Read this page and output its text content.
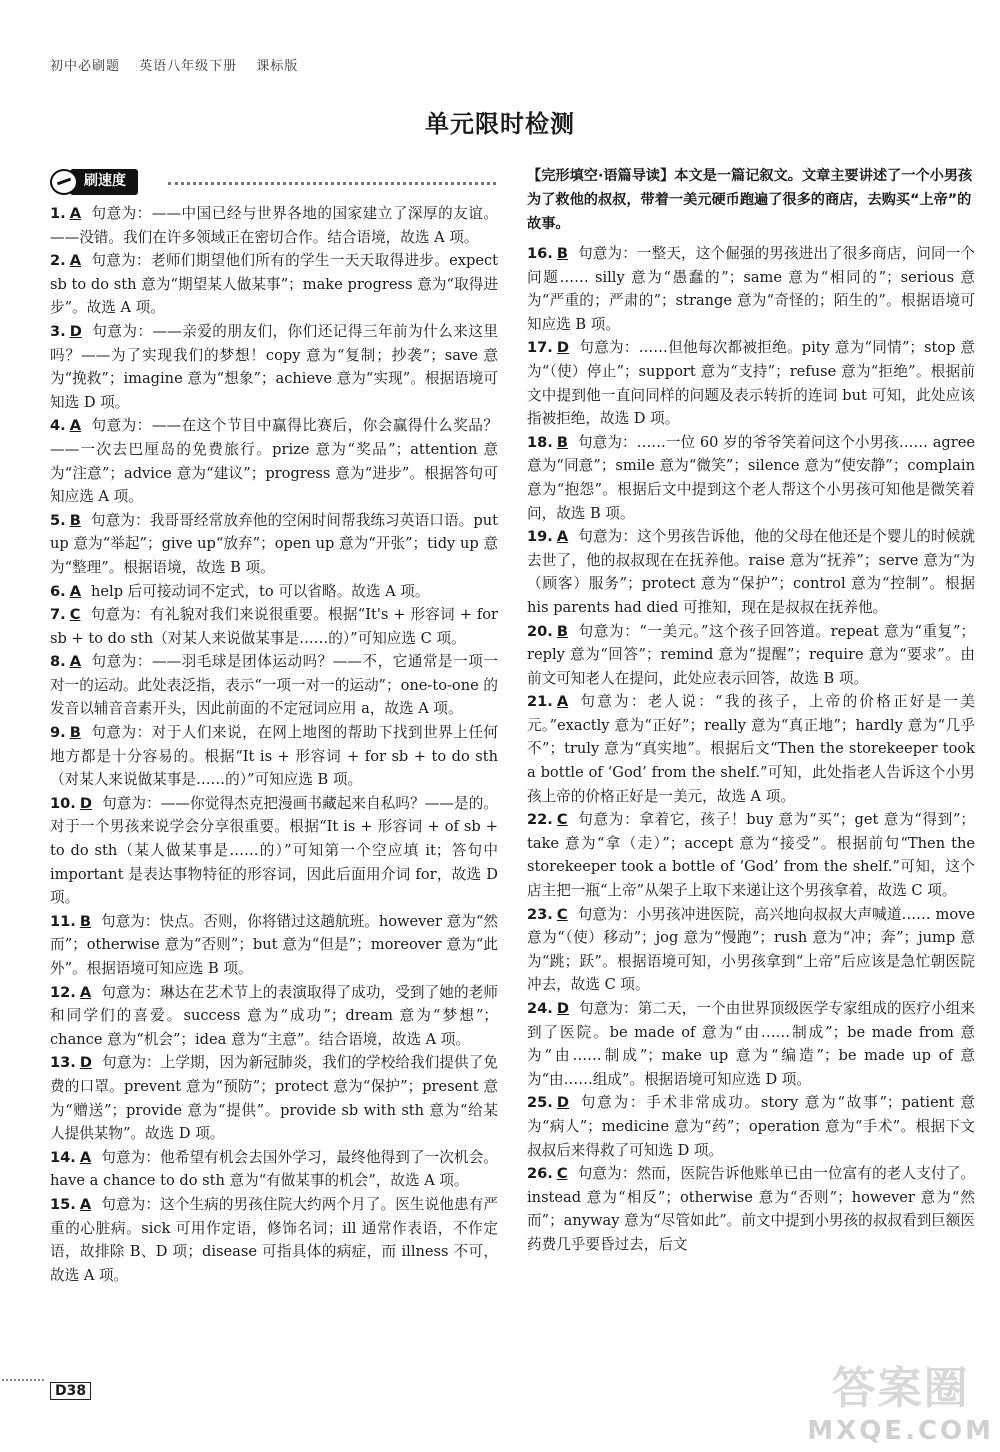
初中必刷题 英语八年级下册 课标版
单元限时检测
刷速度
1. A 句意为：——中国已经与世界各地的国家建立了深厚的友谊。——没错。我们在许多领域正在密切合作。结合语境，故选 A 项。
2. A 句意为：老师们期望他们所有的学生一天天取得进步。expect sb to do sth 意为“期望某人做某事”；make progress 意为“取得进步”。故选 A 项。
3. D 句意为：——亲爱的朋友们，你们还记得三年前为什么来这里吗？——为了实现我们的梦想！copy 意为“复制；抄袭”；save 意为“挽救”；imagine 意为“想象”；achieve 意为“实现”。根据语境可知选 D 项。
4. A 句意为：——在这个节目中赢得比赛后，你会赢得什么奖品？——一次去巴厘岛的免费旅行。prize 意为“奖品”；attention 意为“注意”；advice 意为“建议”；progress 意为“进步”。根据答句可知应选 A 项。
5. B 句意为：我哥哥经常放弃他的空闲时间帮我练习英语口语。put up 意为“举起”；give up“放弃”；open up 意为“开张”；tidy up 意为“整理”。根据语境，故选 B 项。
6. A help 后可接动词不定式，to 可以省略。故选 A 项。
7. C 句意为：有礼貌对我们来说很重要。根据“It's + 形容词 + for sb + to do sth（对某人来说做某事是……的）”可知应选 C 项。
8. A 句意为：——羽毛球是团体运动吗？——不，它通常是一项一对一的运动。此处表泛指，表示“一项一对一的运动”；one-to-one 的发音以辅音音素开头，因此前面的不定冠词应用 a，故选 A 项。
9. B 句意为：对于人们来说，在网上地图的帮助下找到世界上任何地方都是十分容易的。根据“It is + 形容词 + for sb + to do sth（对某人来说做某事是……的）”可知应选 B 项。
10. D 句意为：——你觉得杰克把漫画书藏起来自私吗？——是的。对于一个男孩来说学会分享很重要。根据“It is + 形容词 + of sb + to do sth（某人做某事是……的）”可知第一个空应填 it；答句中 important 是表达事物特征的形容词，因此后面用介词 for，故选 D 项。
11. B 句意为：快点。否则，你将错过这趟航班。however 意为“然而”；otherwise 意为“否则”；but 意为“但是”；moreover 意为“此外”。根据语境可知应选 B 项。
12. A 句意为：琳达在艺术节上的表演取得了成功，受到了她的老师和同学们的喜爱。success 意为“成功”；dream 意为“梦想”；chance 意为“机会”；idea 意为“主意”。结合语境，故选 A 项。
13. D 句意为：上学期，因为新冠肺炎，我们的学校给我们提供了免费的口罩。prevent 意为“预防”；protect 意为“保护”；present 意为“赠送”；provide 意为“提供”。provide sb with sth 意为“给某人提供某物”。故选 D 项。
14. A 句意为：他希望有机会去国外学习，最终他得到了一次机会。have a chance to do sth 意为“有做某事的机会”，故选 A 项。
15. A 句意为：这个生病的男孩住院大约两个月了。医生说他患有严重的心脏病。sick 可用作定语，修饰名词；ill 通常作表语，不作定语，故排除 B、D 项；disease 可指具体的病症，而 illness 不可，故选 A 项。
【完形填空·语篇导读】本文是一篇记叙文。文章主要讲述了一个小男孩为了救他的叔叔，带着一美元硬币跑遍了很多的商店，去购买“上帝”的故事。
16. B 句意为：一整天，这个倔强的男孩进出了很多商店，问同一个问题…… silly 意为“愚蠢的”；same 意为“相同的”；serious 意为“严重的；严肃的”；strange 意为“奇怪的；陌生的”。根据语境可知应选 B 项。
17. D 句意为：……但他每次都被拒绝。pity 意为“同情”；stop 意为“（使）停止”；support 意为“支持”；refuse 意为“拒绝”。根据前文中提到他一直问同样的问题及表示转折的连词 but 可知，此处应该指被拒绝，故选 D 项。
18. B 句意为：……一位 60 岁的爷爷笑着问这个小男孩…… agree 意为“同意”；smile 意为“微笑”；silence 意为“使安静”；complain 意为“抱怨”。根据后文中提到这个老人帮这个小男孩可知他是微笑着问，故选 B 项。
19. A 句意为：这个男孩告诉他，他的父母在他还是个婴儿的时候就去世了，他的叔叔现在在抚养他。raise 意为“抚养”；serve 意为“为（顾客）服务”；protect 意为“保护”；control 意为“控制”。根据 his parents had died 可推知，现在是叔叔在抚养他。
20. B 句意为：“一美元。”这个孩子回答道。repeat 意为“重复”；reply 意为“回答”；remind 意为“提醒”；require 意为“要求”。由前文可知老人在提问，此处应表示回答，故选 B 项。
21. A 句意为：老人说：“我的孩子，上帝的价格正好是一美元。”exactly 意为“正好”；really 意为“真正地”；hardly 意为“几乎不”；truly 意为“真实地”。根据后文“Then the storekeeper took a bottle of ‘God’ from the shelf.”可知，此处指老人告诉这个小男孩上帝的价格正好是一美元，故选 A 项。
22. C 句意为：拿着它，孩子！buy 意为“买”；get 意为“得到”；take 意为“拿（走）”；accept 意为“接受”。根据前句“Then the storekeeper took a bottle of ‘God’ from the shelf.”可知，这个店主把一瓶“上帝”从架子上取下来递让这个男孩拿着，故选 C 项。
23. C 句意为：小男孩冲进医院，高兴地向叔叔大声喊道…… move 意为“（使）移动”；jog 意为“慢跑”；rush 意为“冲；奔”；jump 意为“跳；跃”。根据语境可知，小男孩拿到“上帝”后应该是急忙朝医院冲去，故选 C 项。
24. D 句意为：第二天，一个由世界顶级医学专家组成的医疗小组来到了医院。be made of 意为“由……制成”；be made from 意为“由……制成”；make up 意为“编造”；be made up of 意为“由……组成”。根据语境可知应选 D 项。
25. D 句意为：手术非常成功。story 意为“故事”；patient 意为“病人”；medicine 意为“药”；operation 意为“手术”。根据下文叔叔后来得救了可知选 D 项。
26. C 句意为：然而，医院告诉他账单已由一位富有的老人支付了。instead 意为“相反”；otherwise 意为“否则”；however 意为“然而”；anyway 意为“尽管如此”。前文中提到小男孩的叔叔看到巨额医药费几乎要昏过去，后文
D38	答案圈
MXQE.COM
